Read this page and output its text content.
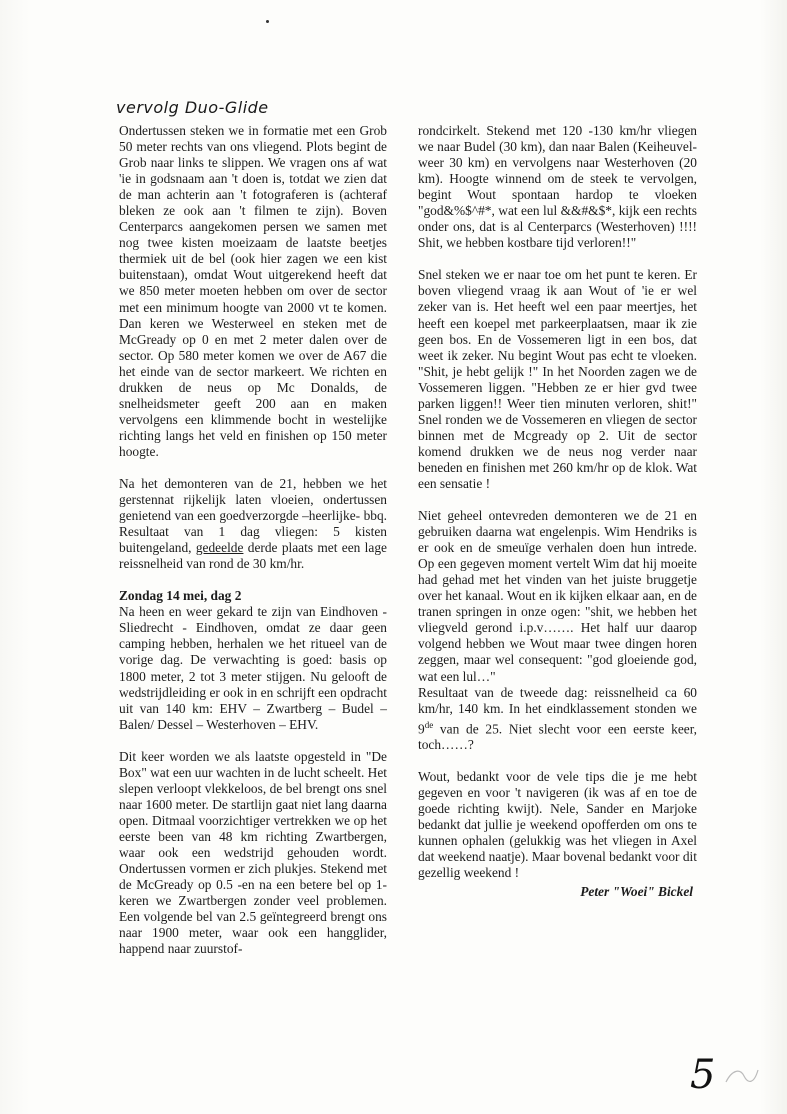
vervolg Duo-Glide

Ondertussen steken we in formatie met een Grob 50 meter rechts van ons vliegend. Plots begint de Grob naar links te slippen. We vragen ons af wat 'ie in godsnaam aan 't doen is, totdat we zien dat de man achterin aan 't fotograferen is (achteraf bleken ze ook aan 't filmen te zijn). Boven Centerparcs aangekomen persen we samen met nog twee kisten moeizaam de laatste beetjes thermiek uit de bel (ook hier zagen we een kist buitenstaan), omdat Wout uitgerekend heeft dat we 850 meter moeten hebben om over de sector met een minimum hoogte van 2000 vt te komen. Dan keren we Westerweel en steken met de McGready op 0 en met 2 meter dalen over de sector. Op 580 meter komen we over de A67 die het einde van de sector markeert. We richten en drukken de neus op Mc Donalds, de snelheidsmeter geeft 200 aan en maken vervolgens een klimmende bocht in westelijke richting langs het veld en finishen op 150 meter hoogte.

Na het demonteren van de 21, hebben we het gerstennat rijkelijk laten vloeien, ondertussen genietend van een goedverzorgde –heerlijke- bbq. Resultaat van 1 dag vliegen: 5 kisten buitengeland, gedeelde derde plaats met een lage reissnelheid van rond de 30 km/hr.

Zondag 14 mei, dag 2

Na heen en weer gekard te zijn van Eindhoven - Sliedrecht - Eindhoven, omdat ze daar geen camping hebben, herhalen we het ritueel van de vorige dag. De verwachting is goed: basis op 1800 meter, 2 tot 3 meter stijgen. Nu gelooft de wedstrijdleiding er ook in en schrijft een opdracht uit van 140 km: EHV – Zwartberg – Budel – Balen/ Dessel – Westerhoven – EHV.

Dit keer worden we als laatste opgesteld in "De Box" wat een uur wachten in de lucht scheelt. Het slepen verloopt vlekkeloos, de bel brengt ons snel naar 1600 meter. De startlijn gaat niet lang daarna open. Ditmaal voorzichtiger vertrekken we op het eerste been van 48 km richting Zwartbergen, waar ook een wedstrijd gehouden wordt. Ondertussen vormen er zich plukjes. Stekend met de McGready op 0.5 -en na een betere bel op 1- keren we Zwartbergen zonder veel problemen. Een volgende bel van 2.5 geïntegreerd brengt ons naar 1900 meter, waar ook een hangglider, happend naar zuurstof-

rondcirkelt. Stekend met 120 -130 km/hr vliegen we naar Budel (30 km), dan naar Balen (Keiheuvel- weer 30 km) en vervolgens naar Westerhoven (20 km). Hoogte winnend om de steek te vervolgen, begint Wout spontaan hardop te vloeken "god&%$^#*, wat een lul &&#&$*, kijk een rechts onder ons, dat is al Centerparcs (Westerhoven) !!!! Shit, we hebben kostbare tijd verloren!!"

Snel steken we er naar toe om het punt te keren. Er boven vliegend vraag ik aan Wout of 'ie er wel zeker van is. Het heeft wel een paar meertjes, het heeft een koepel met parkeerplaatsen, maar ik zie geen bos. En de Vossemeren ligt in een bos, dat weet ik zeker. Nu begint Wout pas echt te vloeken. "Shit, je hebt gelijk !" In het Noorden zagen we de Vossemeren liggen. "Hebben ze er hier gvd twee parken liggen!! Weer tien minuten verloren, shit!" Snel ronden we de Vossemeren en vliegen de sector binnen met de Mcgready op 2. Uit de sector komend drukken we de neus nog verder naar beneden en finishen met 260 km/hr op de klok. Wat een sensatie !

Niet geheel ontevreden demonteren we de 21 en gebruiken daarna wat engelenpis. Wim Hendriks is er ook en de smeuïge verhalen doen hun intrede. Op een gegeven moment vertelt Wim dat hij moeite had gehad met het vinden van het juiste bruggetje over het kanaal. Wout en ik kijken elkaar aan, en de tranen springen in onze ogen: "shit, we hebben het vliegveld gerond i.p.v……. Het half uur daarop volgend hebben we Wout maar twee dingen horen zeggen, maar wel consequent: "god gloeiende god, wat een lul…"

Resultaat van de tweede dag: reissnelheid ca 60 km/hr, 140 km. In het eindklassement stonden we 9de van de 25. Niet slecht voor een eerste keer, toch……?

Wout, bedankt voor de vele tips die je me hebt gegeven en voor 't navigeren (ik was af en toe de goede richting kwijt). Nele, Sander en Marjoke bedankt dat jullie je weekend opofferden om ons te kunnen ophalen (gelukkig was het vliegen in Axel dat weekend naatje). Maar bovenal bedankt voor dit gezellig weekend !

Peter "Woei" Bickel
5
